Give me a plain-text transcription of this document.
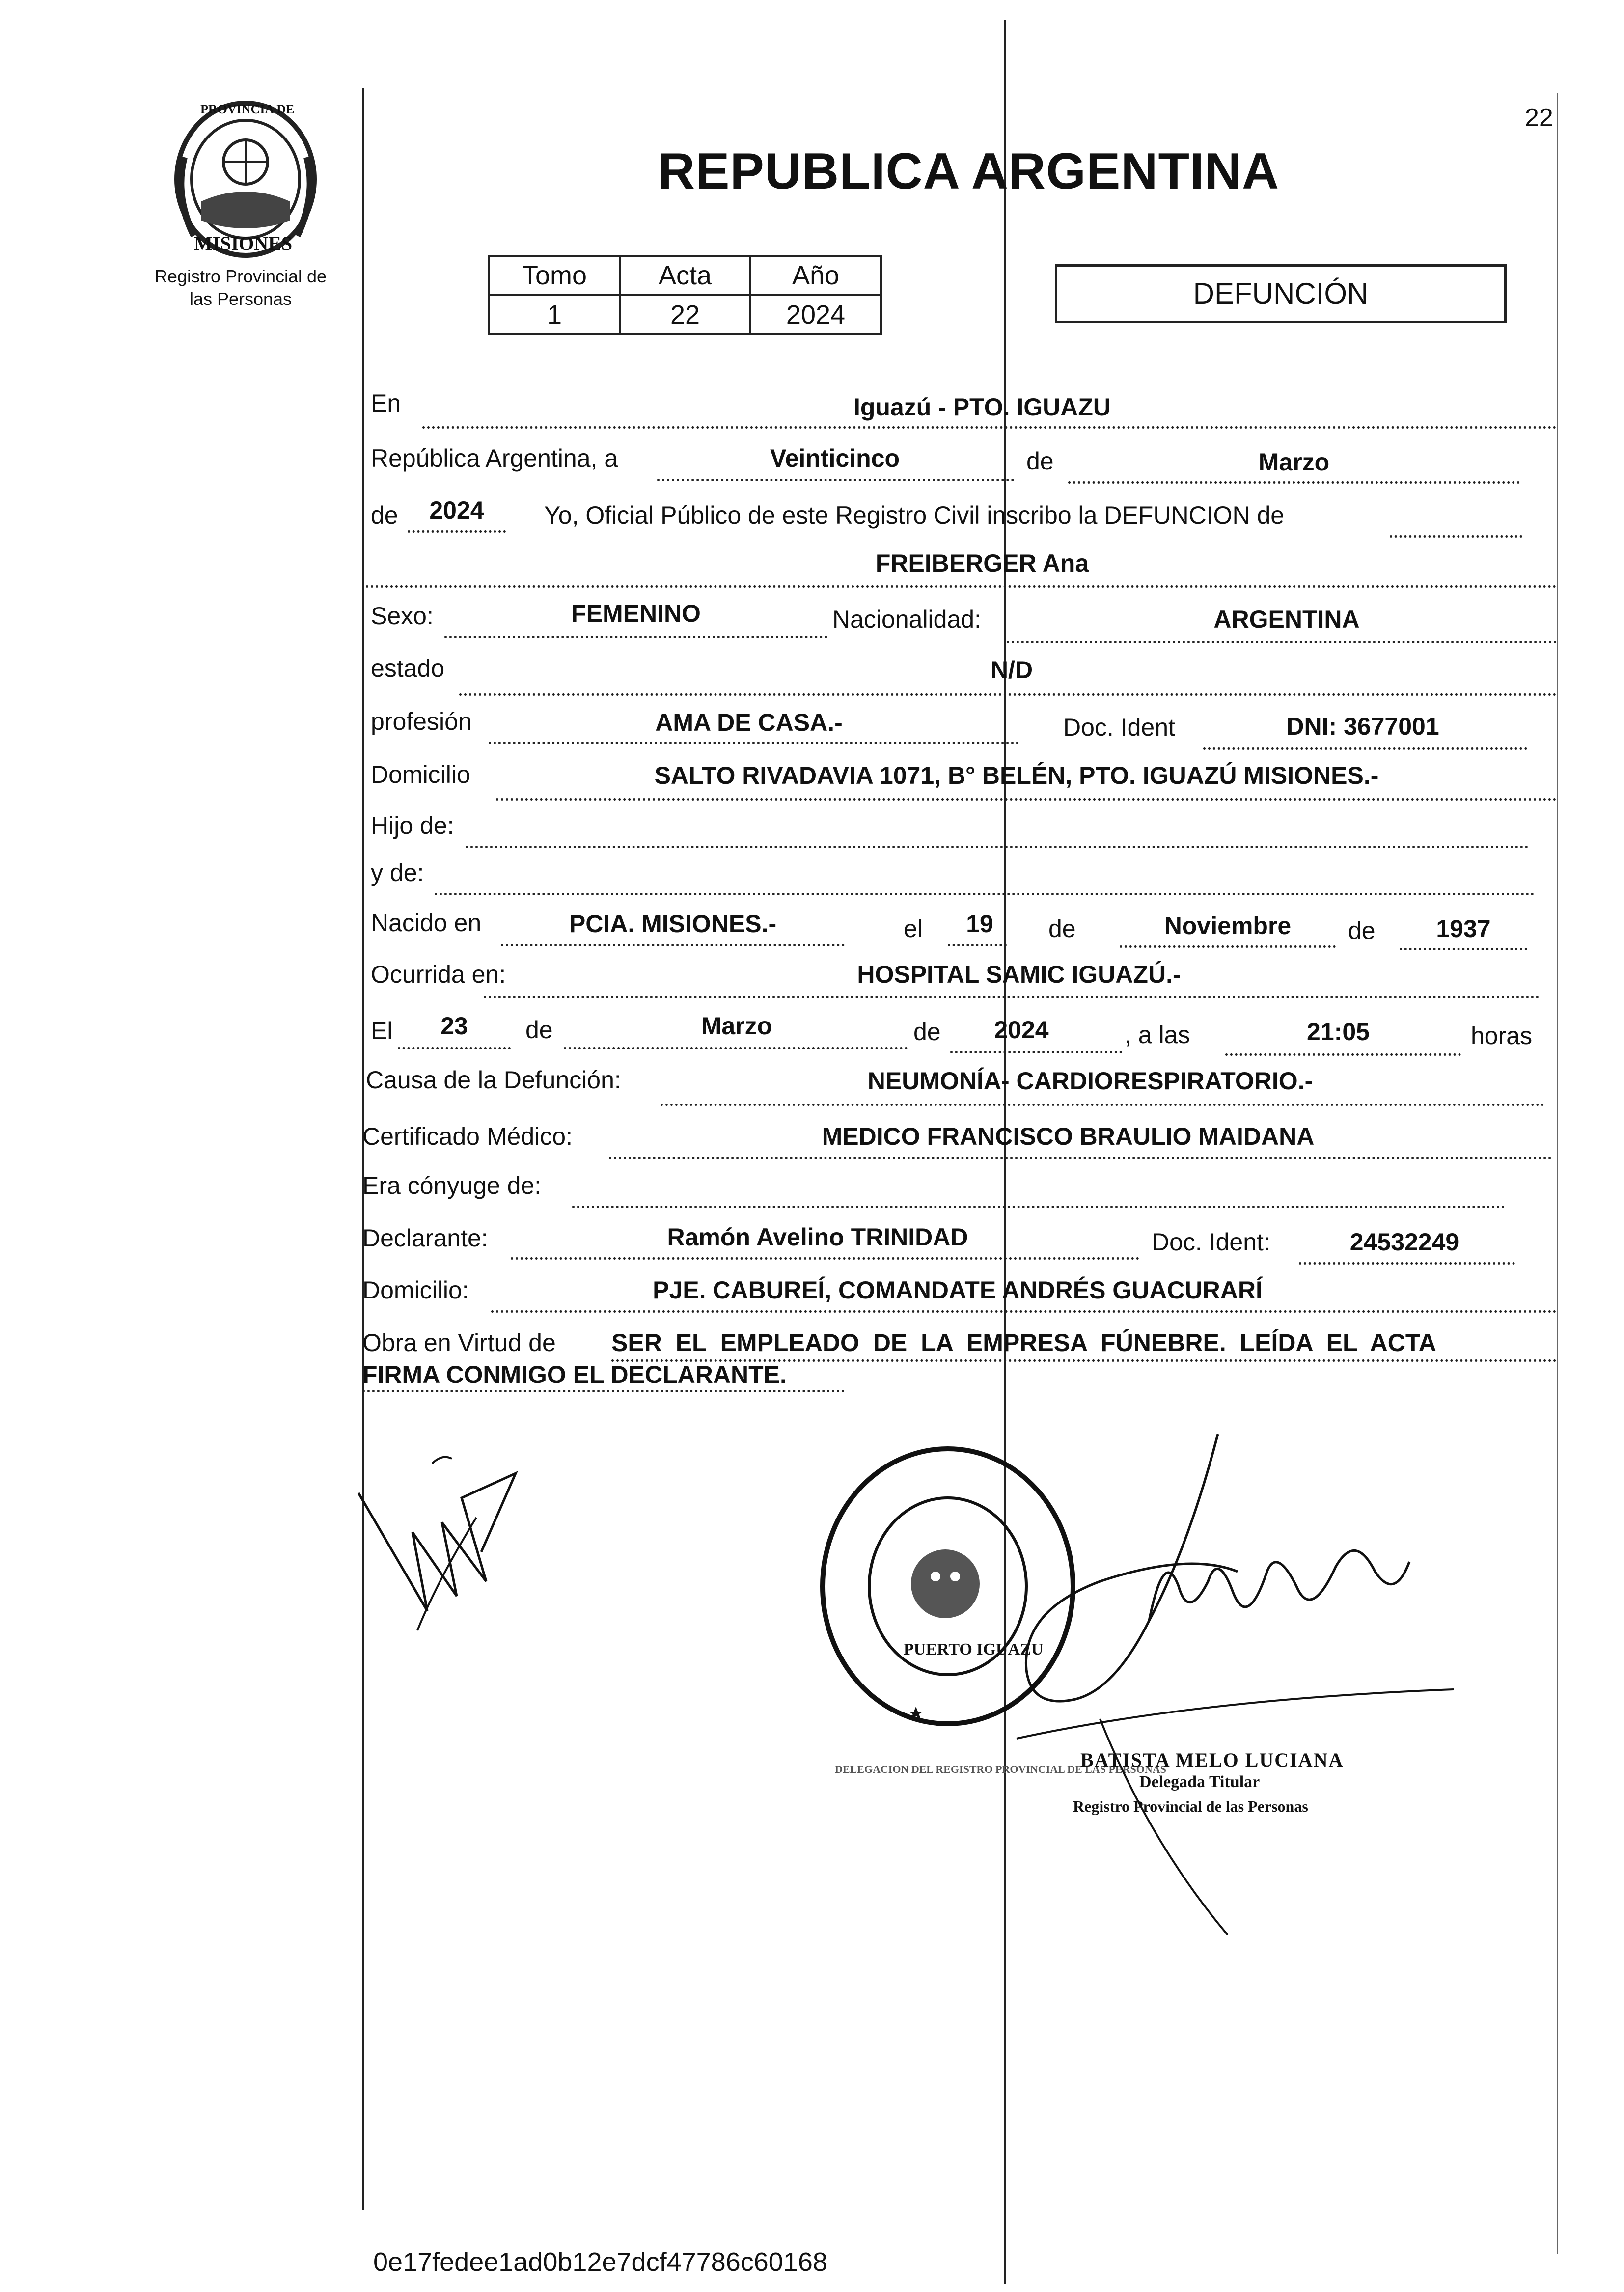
PROVINCIA DE
MISIONES
Registro Provincial de
las Personas
22
REPUBLICA ARGENTINA
Tomo	Acta	Año
1	22	2024
DEFUNCIÓN
En	Iguazú - PTO. IGUAZU
República Argentina, a	Veinticinco	de	Marzo
de	2024	Yo, Oficial Público de este Registro Civil inscribo la DEFUNCION de
FREIBERGER Ana
Sexo:	FEMENINO	Nacionalidad:	ARGENTINA
estado	N/D
profesión	AMA DE CASA.-	Doc. Ident	DNI: 3677001
Domicilio	SALTO RIVADAVIA 1071, B° BELÉN, PTO. IGUAZÚ MISIONES.-
Hijo de:
y de:
Nacido en	PCIA. MISIONES.-	el	19	de	Noviembre	de	1937
Ocurrida en:	HOSPITAL SAMIC IGUAZÚ.-
El	23	de	Marzo	de	2024	, a las	21:05	horas
Causa de la Defunción:	NEUMONÍA- CARDIORESPIRATORIO.-
Certificado Médico:	MEDICO FRANCISCO BRAULIO MAIDANA
Era cónyuge de:
Declarante:	Ramón Avelino TRINIDAD	Doc. Ident:	24532249
Domicilio:	PJE. CABUREÍ, COMANDATE ANDRÉS GUACURARÍ
Obra en Virtud de SER EL EMPLEADO DE LA EMPRESA FÚNEBRE. LEÍDA EL ACTA
FIRMA CONMIGO EL DECLARANTE.
DELEGACION DEL REGISTRO PROVINCIAL DE LAS PERSONAS
PUERTO IGUAZU
BATISTA MELO LUCIANA
Delegada Titular
Registro Provincial de las Personas
0e17fedee1ad0b12e7dcf47786c60168
